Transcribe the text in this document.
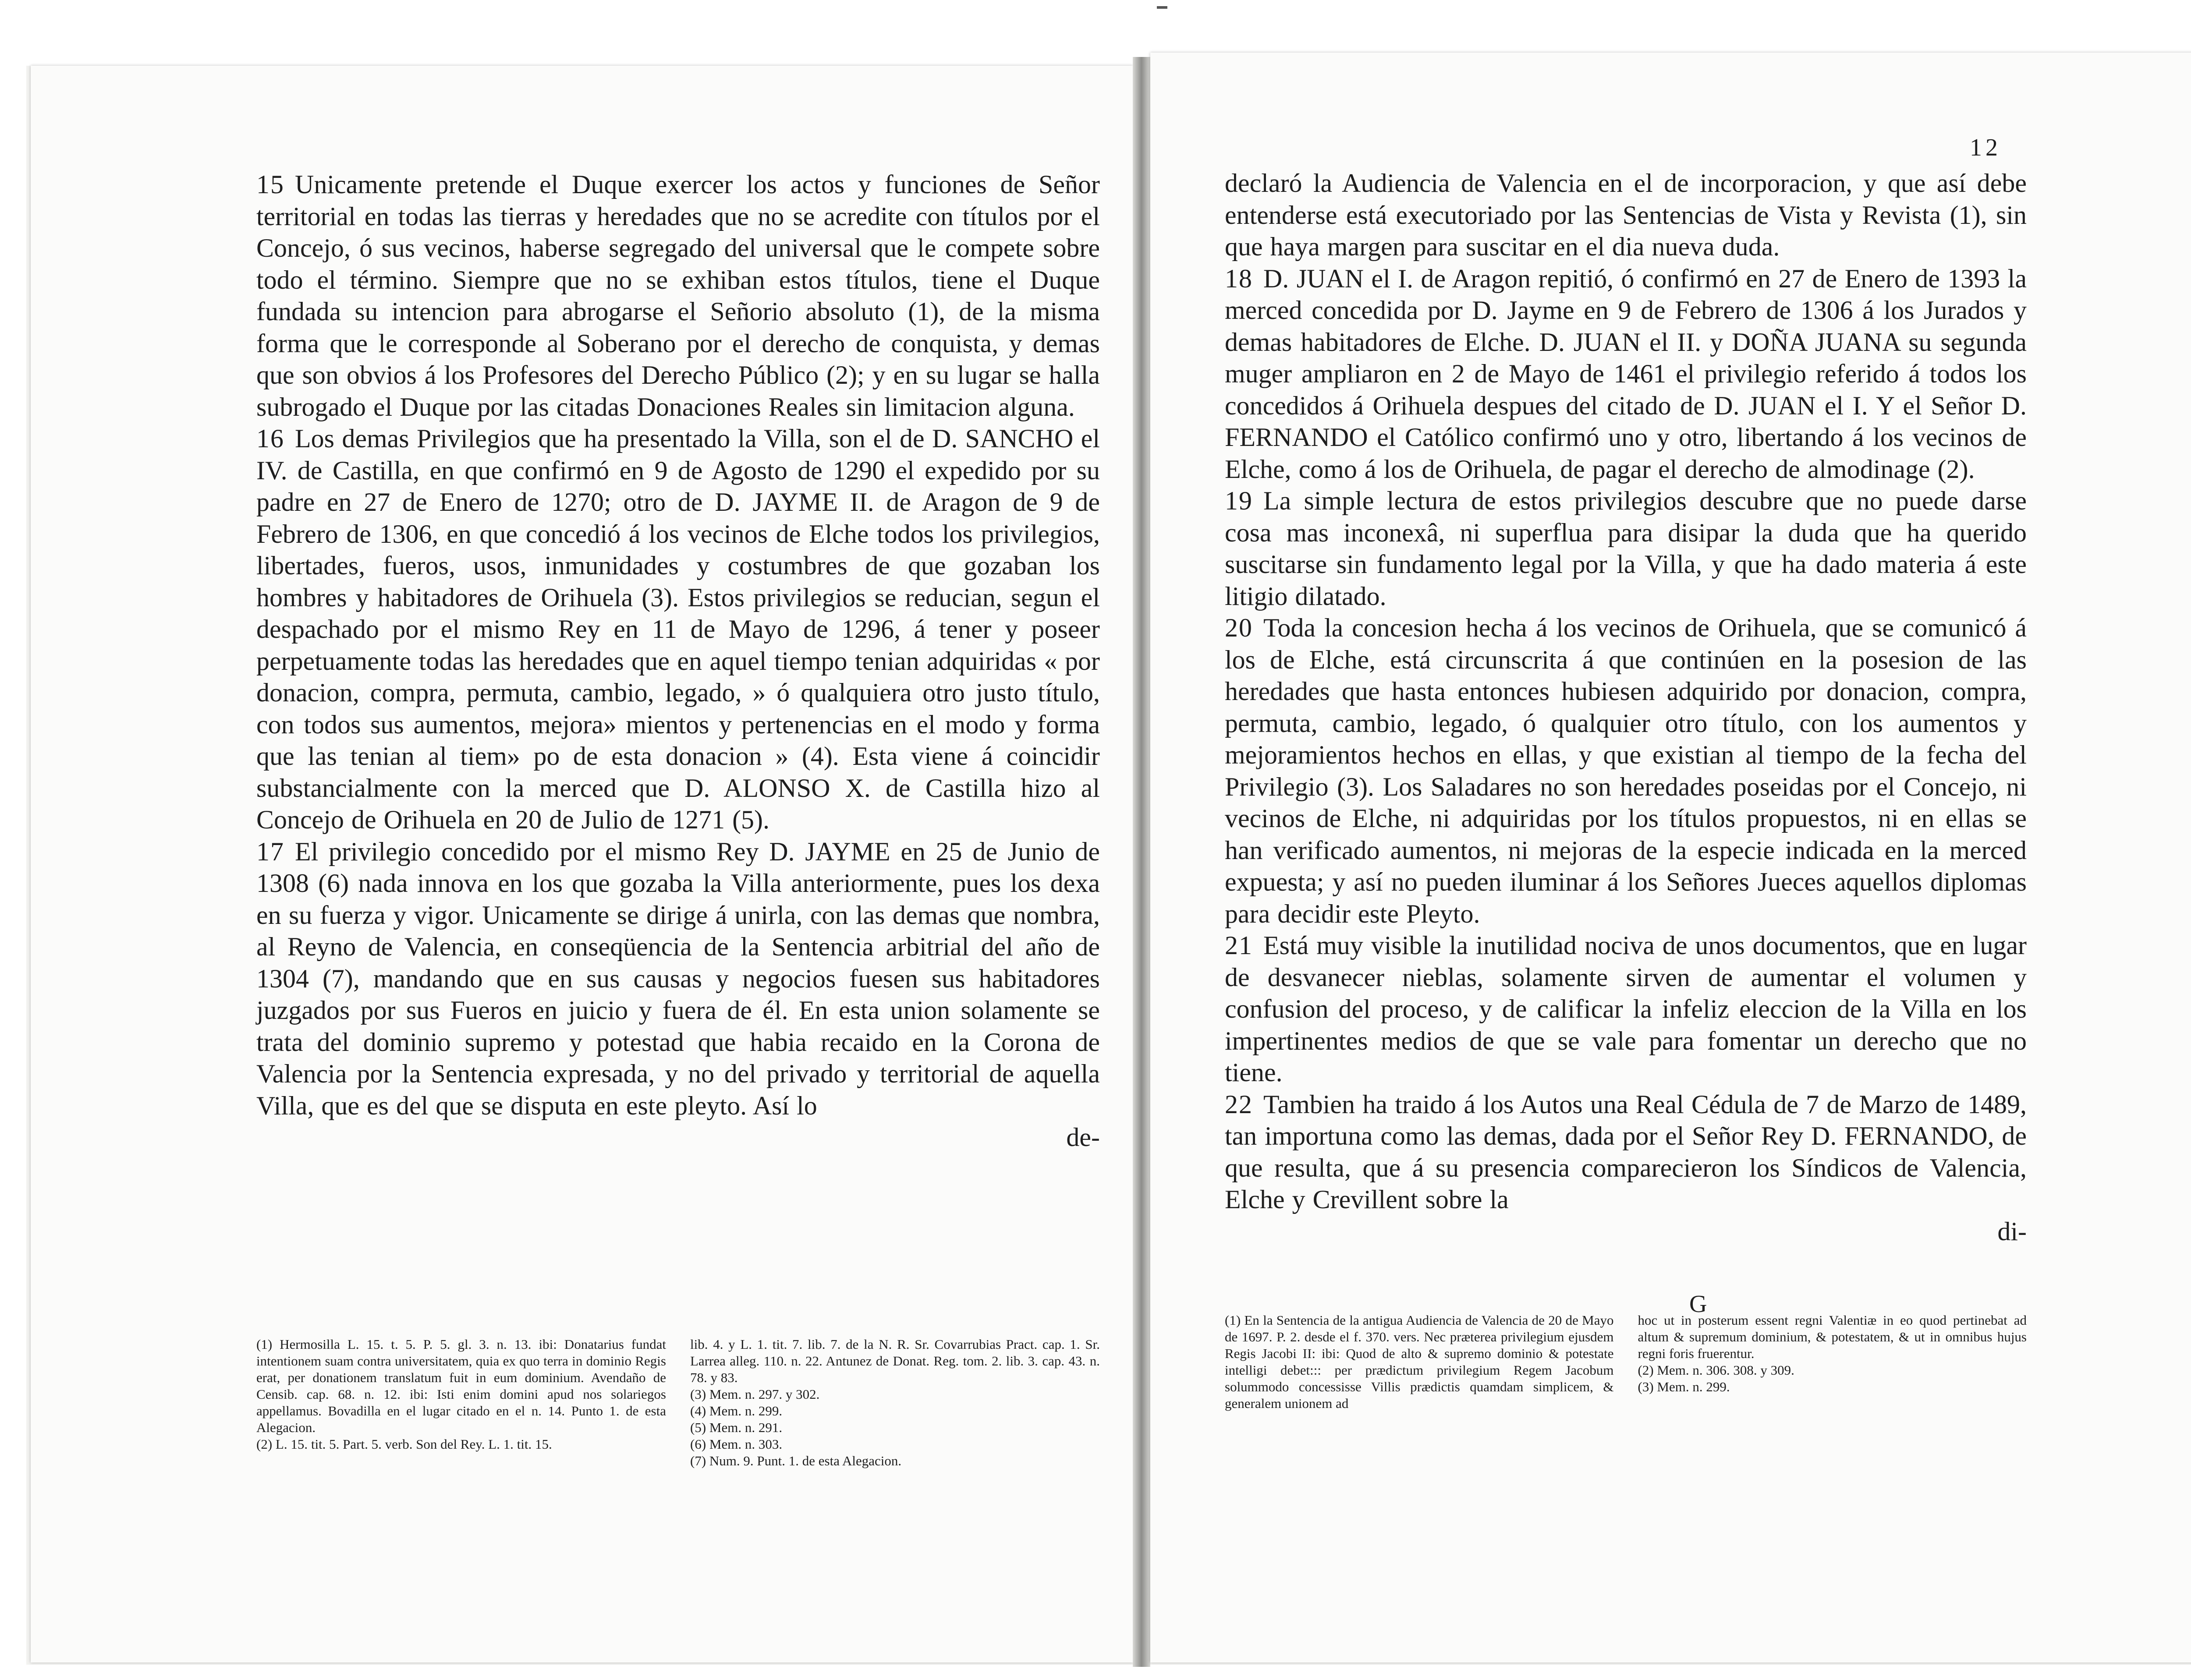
15 Unicamente pretende el Duque exercer los actos y funciones de Señor territorial en todas las tierras y heredades que no se acredite con títulos por el Concejo, ó sus vecinos, haberse segregado del universal que le compete sobre todo el término. Siempre que no se exhiban estos títulos, tiene el Duque fundada su intencion para abrogarse el Señorio absoluto (1), de la misma forma que le corresponde al Soberano por el derecho de conquista, y demas que son obvios á los Profesores del Derecho Público (2); y en su lugar se halla subrogado el Duque por las citadas Donaciones Reales sin limitacion alguna.

16 Los demas Privilegios que ha presentado la Villa, son el de D. SANCHO el IV. de Castilla, en que confirmó en 9 de Agosto de 1290 el expedido por su padre en 27 de Enero de 1270; otro de D. JAYME II. de Aragon de 9 de Febrero de 1306, en que concedió á los vecinos de Elche todos los privilegios, libertades, fueros, usos, inmunidades y costumbres de que gozaban los hombres y habitadores de Orihuela (3). Estos privilegios se reducian, segun el despachado por el mismo Rey en 11 de Mayo de 1296, á tener y poseer perpetuamente todas las heredades que en aquel tiempo tenian adquiridas « por donacion, compra, permuta, cambio, legado, » ó qualquiera otro justo título, con todos sus aumentos, mejora» mientos y pertenencias en el modo y forma que las tenian al tiem» po de esta donacion » (4). Esta viene á coincidir substancialmente con la merced que D. ALONSO X. de Castilla hizo al Concejo de Orihuela en 20 de Julio de 1271 (5).

17 El privilegio concedido por el mismo Rey D. JAYME en 25 de Junio de 1308 (6) nada innova en los que gozaba la Villa anteriormente, pues los dexa en su fuerza y vigor. Unicamente se dirige á unirla, con las demas que nombra, al Reyno de Valencia, en conseqüencia de la Sentencia arbitrial del año de 1304 (7), mandando que en sus causas y negocios fuesen sus habitadores juzgados por sus Fueros en juicio y fuera de él. En esta union solamente se trata del dominio supremo y potestad que habia recaido en la Corona de Valencia por la Sentencia expresada, y no del privado y territorial de aquella Villa, que es del que se disputa en este pleyto. Así lo

de-

(1) Hermosilla L. 15. t. 5. P. 5. gl. 3. n. 13. ibi: Donatarius fundat intentionem suam contra universitatem, quia ex quo terra in dominio Regis erat, per donationem translatum fuit in eum dominium. Avendaño de Censib. cap. 68. n. 12. ibi: Isti enim domini apud nos solariegos appellamus. Bovadilla en el lugar citado en el n. 14. Punto 1. de esta Alegacion.

(2) L. 15. tit. 5. Part. 5. verb. Son del Rey. L. 1. tit. 15.

lib. 4. y L. 1. tit. 7. lib. 7. de la N. R. Sr. Covarrubias Pract. cap. 1. Sr. Larrea alleg. 110. n. 22. Antunez de Donat. Reg. tom. 2. lib. 3. cap. 43. n. 78. y 83.

(3) Mem. n. 297. y 302.

(4) Mem. n. 299.

(5) Mem. n. 291.

(6) Mem. n. 303.

(7) Num. 9. Punt. 1. de esta Alegacion.

12

declaró la Audiencia de Valencia en el de incorporacion, y que así debe entenderse está executoriado por las Sentencias de Vista y Revista (1), sin que haya margen para suscitar en el dia nueva duda.

18 D. JUAN el I. de Aragon repitió, ó confirmó en 27 de Enero de 1393 la merced concedida por D. Jayme en 9 de Febrero de 1306 á los Jurados y demas habitadores de Elche. D. JUAN el II. y DOÑA JUANA su segunda muger ampliaron en 2 de Mayo de 1461 el privilegio referido á todos los concedidos á Orihuela despues del citado de D. JUAN el I. Y el Señor D. FERNANDO el Católico confirmó uno y otro, libertando á los vecinos de Elche, como á los de Orihuela, de pagar el derecho de almodinage (2).

19 La simple lectura de estos privilegios descubre que no puede darse cosa mas inconexâ, ni superflua para disipar la duda que ha querido suscitarse sin fundamento legal por la Villa, y que ha dado materia á este litigio dilatado.

20 Toda la concesion hecha á los vecinos de Orihuela, que se comunicó á los de Elche, está circunscrita á que continúen en la posesion de las heredades que hasta entonces hubiesen adquirido por donacion, compra, permuta, cambio, legado, ó qualquier otro título, con los aumentos y mejoramientos hechos en ellas, y que existian al tiempo de la fecha del Privilegio (3). Los Saladares no son heredades poseidas por el Concejo, ni vecinos de Elche, ni adquiridas por los títulos propuestos, ni en ellas se han verificado aumentos, ni mejoras de la especie indicada en la merced expuesta; y así no pueden iluminar á los Señores Jueces aquellos diplomas para decidir este Pleyto.

21 Está muy visible la inutilidad nociva de unos documentos, que en lugar de desvanecer nieblas, solamente sirven de aumentar el volumen y confusion del proceso, y de calificar la infeliz eleccion de la Villa en los impertinentes medios de que se vale para fomentar un derecho que no tiene.

22 Tambien ha traido á los Autos una Real Cédula de 7 de Marzo de 1489, tan importuna como las demas, dada por el Señor Rey D. FERNANDO, de que resulta, que á su presencia comparecieron los Síndicos de Valencia, Elche y Crevillent sobre la

di-

G

(1) En la Sentencia de la antigua Audiencia de Valencia de 20 de Mayo de 1697. P. 2. desde el f. 370. vers. Nec præterea privilegium ejusdem Regis Jacobi II: ibi: Quod de alto & supremo dominio & potestate intelligi debet::: per prædictum privilegium Regem Jacobum solummodo concessisse Villis prædictis quamdam simplicem, & generalem unionem ad

hoc ut in posterum essent regni Valentiæ in eo quod pertinebat ad altum & supremum dominium, & potestatem, & ut in omnibus hujus regni foris fruerentur.

(2) Mem. n. 306. 308. y 309.

(3) Mem. n. 299.
